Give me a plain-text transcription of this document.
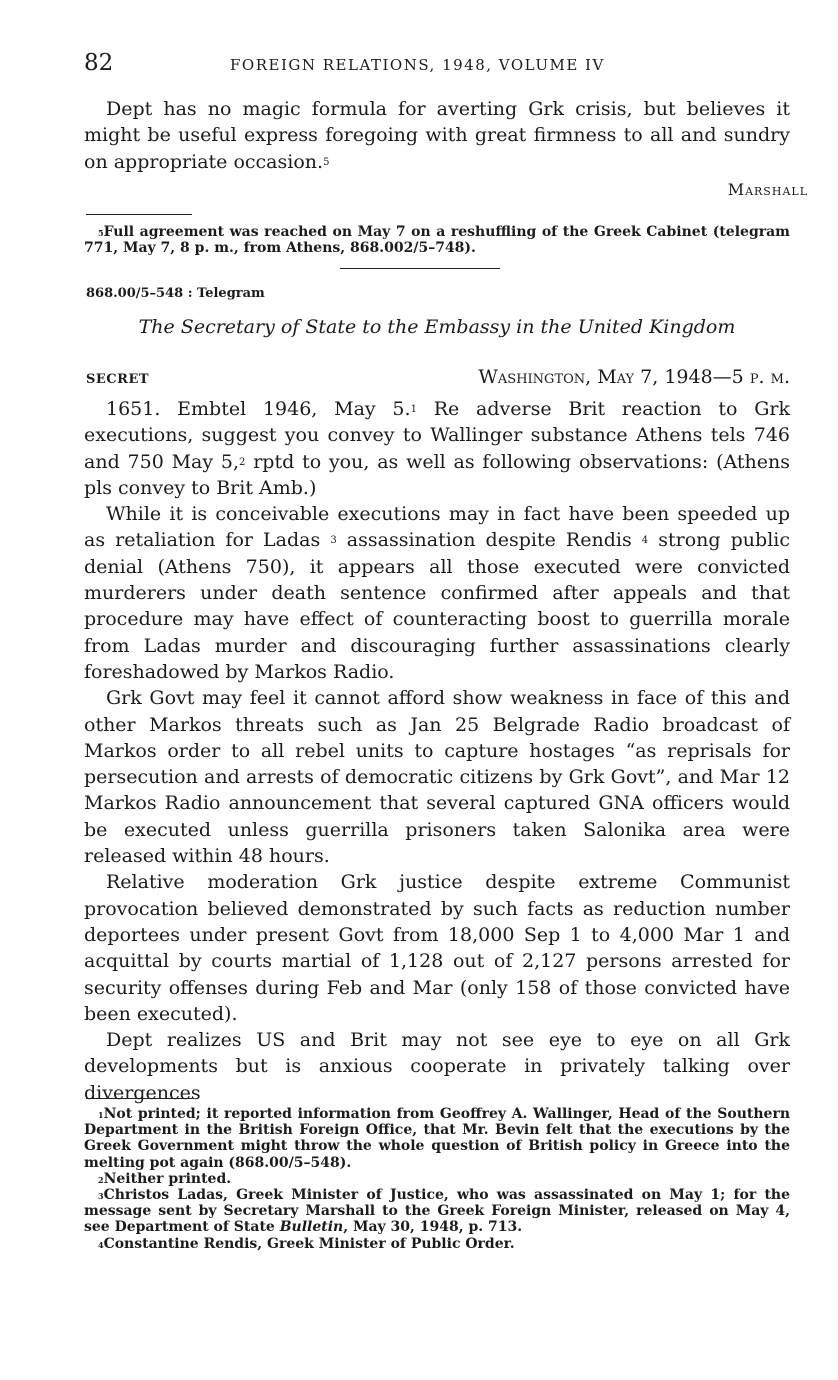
82	FOREIGN RELATIONS, 1948, VOLUME IV

Dept has no magic formula for averting Grk crisis, but believes it might be useful express foregoing with great firmness to all and sundry on appropriate occasion.$^5$

Marshall

$^5$Full agreement was reached on May 7 on a reshuffling of the Greek Cabinet (telegram 771, May 7, 8 p. m., from Athens, 868.002/5–748).

868.00/5–548 : Telegram
The Secretary of State to the Embassy in the United Kingdom
SECRET	Washington, May 7, 1948—5 p. m.

1651. Embtel 1946, May 5.$^1$ Re adverse Brit reaction to Grk executions, suggest you convey to Wallinger substance Athens tels 746 and 750 May 5,$^2$ rptd to you, as well as following observations: (Athens pls convey to Brit Amb.)

While it is conceivable executions may in fact have been speeded up as retaliation for Ladas $^3$ assassination despite Rendis $^4$ strong public denial (Athens 750), it appears all those executed were convicted murderers under death sentence confirmed after appeals and that procedure may have effect of counteracting boost to guerrilla morale from Ladas murder and discouraging further assassinations clearly foreshadowed by Markos Radio.

Grk Govt may feel it cannot afford show weakness in face of this and other Markos threats such as Jan 25 Belgrade Radio broadcast of Markos order to all rebel units to capture hostages “as reprisals for persecution and arrests of democratic citizens by Grk Govt”, and Mar 12 Markos Radio announcement that several captured GNA officers would be executed unless guerrilla prisoners taken Salonika area were released within 48 hours.

Relative moderation Grk justice despite extreme Communist provocation believed demonstrated by such facts as reduction number deportees under present Govt from 18,000 Sep 1 to 4,000 Mar 1 and acquittal by courts martial of 1,128 out of 2,127 persons arrested for security offenses during Feb and Mar (only 158 of those convicted have been executed).

Dept realizes US and Brit may not see eye to eye on all Grk developments but is anxious cooperate in privately talking over divergences

$^1$Not printed; it reported information from Geoffrey A. Wallinger, Head of the Southern Department in the British Foreign Office, that Mr. Bevin felt that the executions by the Greek Government might throw the whole question of British policy in Greece into the melting pot again (868.00/5–548).

$^2$Neither printed.

$^3$Christos Ladas, Greek Minister of Justice, who was assassinated on May 1; for the message sent by Secretary Marshall to the Greek Foreign Minister, released on May 4, see Department of State Bulletin, May 30, 1948, p. 713.

$^4$Constantine Rendis, Greek Minister of Public Order.
